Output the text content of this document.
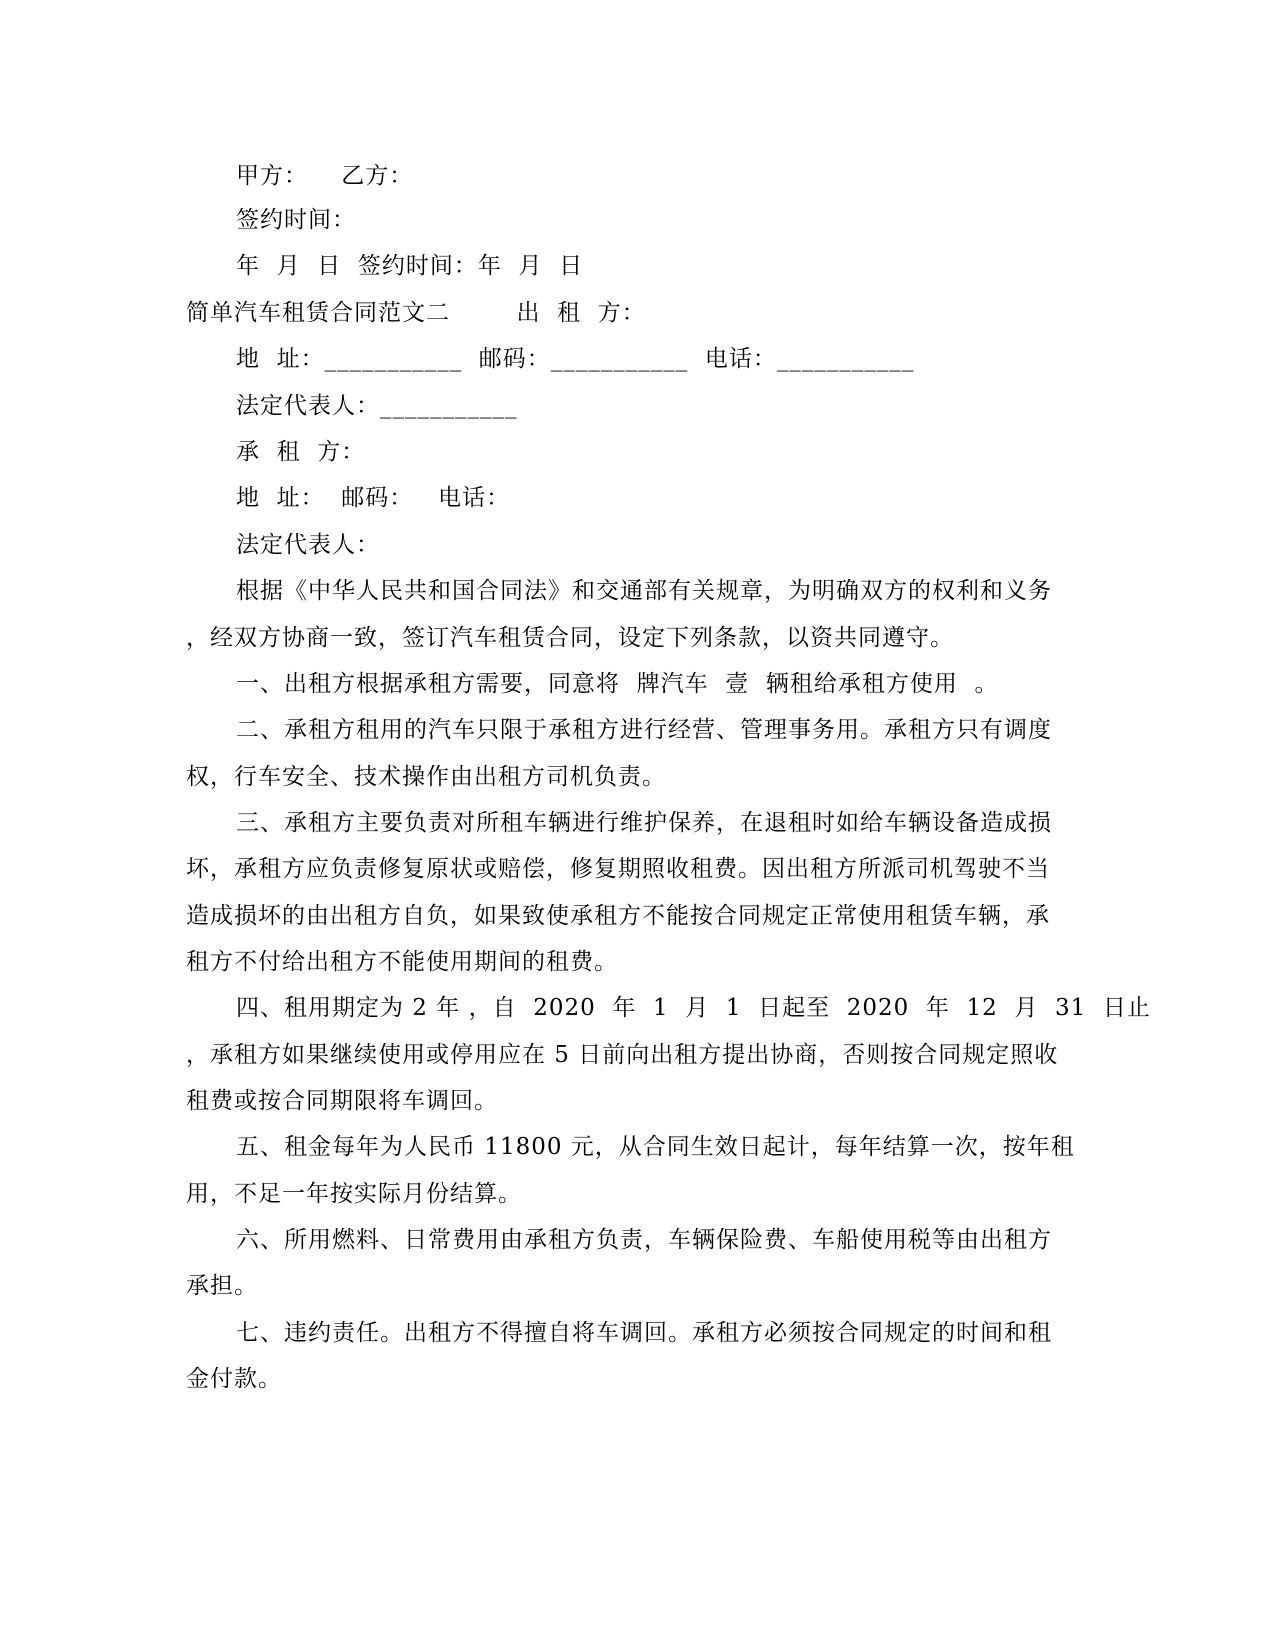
甲方：    乙方：
签约时间：
年  月  日  签约时间：年  月  日
简单汽车租赁合同范文二        出  租  方：
地  址：___________  邮码：___________  电话：___________
法定代表人：___________
承  租  方：
地  址：  邮码：   电话：
法定代表人：
根据《中华人民共和国合同法》和交通部有关规章，为明确双方的权利和义务
，经双方协商一致，签订汽车租赁合同，设定下列条款，以资共同遵守。
一、出租方根据承租方需要，同意将  牌汽车  壹  辆租给承租方使用  。
二、承租方租用的汽车只限于承租方进行经营、管理事务用。承租方只有调度
权，行车安全、技术操作由出租方司机负责。
三、承租方主要负责对所租车辆进行维护保养，在退租时如给车辆设备造成损
坏，承租方应负责修复原状或赔偿，修复期照收租费。因出租方所派司机驾驶不当
造成损坏的由出租方自负，如果致使承租方不能按合同规定正常使用租赁车辆，承
租方不付给出租方不能使用期间的租费。
四、租用期定为 2 年 ，自  2020  年  1  月  1  日起至  2020  年  12  月  31  日止
，承租方如果继续使用或停用应在 5 日前向出租方提出协商，否则按合同规定照收
租费或按合同期限将车调回。
五、租金每年为人民币 11800 元，从合同生效日起计，每年结算一次，按年租
用，不足一年按实际月份结算。
六、所用燃料、日常费用由承租方负责，车辆保险费、车船使用税等由出租方
承担。
七、违约责任。出租方不得擅自将车调回。承租方必须按合同规定的时间和租
金付款。
